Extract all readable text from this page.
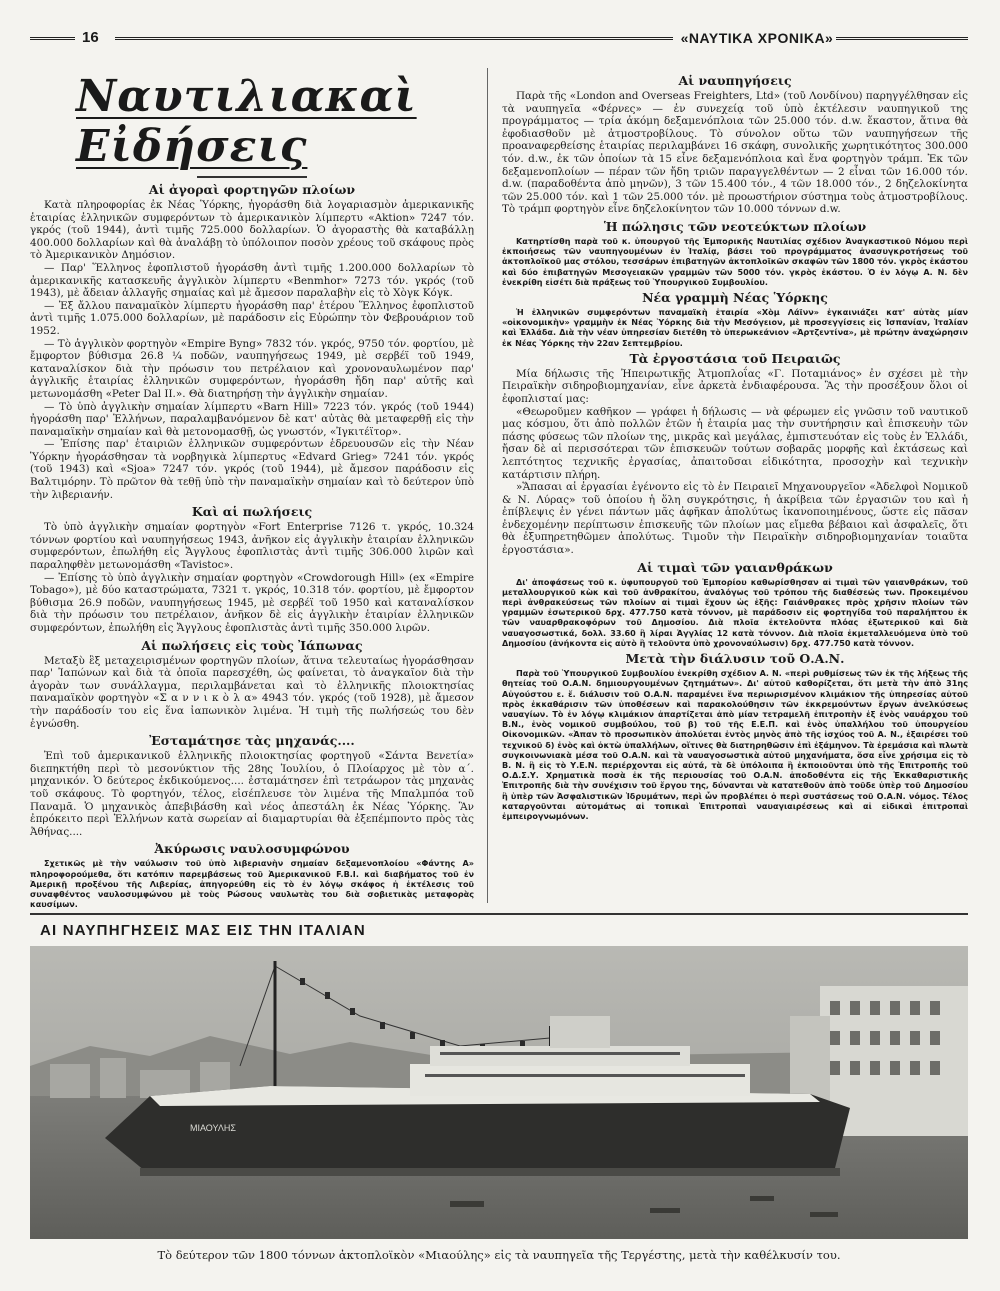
16	«ΝΑΥΤΙΚΑ ΧΡΟΝΙΚΑ»
Ναυτιλιακαὶ Εἰδήσεις
Αἱ ἀγοραὶ φορτηγῶν πλοίων

Κατὰ πληροφορίας ἐκ Νέας Ὑόρκης, ἠγοράσθη διὰ λογαριασμὸν ἀμερικανικῆς ἑταιρίας ἑλληνικῶν συμφερόντων τὸ ἀμερικανικὸν λίμπερτυ «Aktion» 7247 τόν. γκρός (τοῦ 1944), ἀντὶ τιμῆς 725.000 δολλαρίων. Ὁ ἀγοραστὴς θὰ καταβάλλῃ 400.000 δολλαρίων καὶ θὰ ἀναλάβῃ τὸ ὑπόλοιπον ποσὸν χρέους τοῦ σκάφους πρὸς τὸ Ἀμερικανικὸν Δημόσιον.

— Παρ' Ἕλληνος ἐφοπλιστοῦ ἠγοράσθη ἀντὶ τιμῆς 1.200.000 δολλαρίων τὸ ἀμερικανικῆς κατασκευῆς ἀγγλικὸν λίμπερτυ «Benmhor» 7273 τόν. γκρός (τοῦ 1943), μὲ ἄδειαν ἀλλαγῆς σημαίας καὶ μὲ ἄμεσον παραλαβὴν εἰς τὸ Χὸγκ Κόγκ.

— Ἐξ ἄλλου παναμαϊκὸν λίμπερτυ ἠγοράσθη παρ' ἑτέρου Ἕλληνος ἐφοπλιστοῦ ἀντὶ τιμῆς 1.075.000 δολλαρίων, μὲ παράδοσιν εἰς Εὐρώπην τὸν Φεβρουάριον τοῦ 1952.

— Τὸ ἀγγλικὸν φορτηγὸν «Empire Byng» 7832 τόν. γκρός, 9750 τόν. φορτίου, μὲ ἔμφορτον βύθισμα 26.8 ¼ ποδῶν, ναυπηγήσεως 1949, μὲ σερβέϊ τοῦ 1949, καταναλίσκον διὰ τὴν πρόωσιν του πετρέλαιον καὶ χρονοναυλωμένον παρ' ἀγγλικῆς ἑταιρίας ἑλληνικῶν συμφερόντων, ἠγοράσθη ἤδη παρ' αὐτῆς καὶ μετωνομάσθη «Peter Dal II.». Θὰ διατηρήσῃ τὴν ἀγγλικὴν σημαίαν.

— Τὸ ὑπὸ ἀγγλικὴν σημαίαν λίμπερτυ «Barn Hill» 7223 τόν. γκρός (τοῦ 1944) ἠγοράσθη παρ' Ἑλλήνων, παραλαμβανόμενον δὲ κατ' αὐτὰς θὰ μεταφερθῇ εἰς τὴν παναμαϊκὴν σημαίαν καὶ θὰ μετονομασθῇ, ὡς γνωστόν, «Ἰγκιτέϊτορ».

— Ἐπίσης παρ' ἑταιριῶν ἑλληνικῶν συμφερόντων ἑδρευουσῶν εἰς τὴν Νέαν Ὑόρκην ἠγοράσθησαν τὰ νορβηγικὰ λίμπερτυς «Edvard Grieg» 7241 τόν. γκρός (τοῦ 1943) καὶ «Sjoa» 7247 τόν. γκρός (τοῦ 1944), μὲ ἄμεσον παράδοσιν εἰς Βαλτιμόρην. Τὸ πρῶτον θὰ τεθῇ ὑπὸ τὴν παναμαϊκὴν σημαίαν καὶ τὸ δεύτερον ὑπὸ τὴν λιβεριανήν.

Καὶ αἱ πωλήσεις

Τὸ ὑπὸ ἀγγλικὴν σημαίαν φορτηγὸν «Fort Enterprise 7126 τ. γκρός, 10.324 τόννων φορτίου καὶ ναυπηγήσεως 1943, ἀνῆκον εἰς ἀγγλικὴν ἑταιρίαν ἑλληνικῶν συμφερόντων, ἐπωλήθη εἰς Ἄγγλους ἐφοπλιστὰς ἀντὶ τιμῆς 306.000 λιρῶν καὶ παραληφθὲν μετωνομάσθη «Tavistoc».

— Ἐπίσης τὸ ὑπὸ ἀγγλικὴν σημαίαν φορτηγὸν «Crowdorough Hill» (ex «Empire Tobago»), μὲ δύο καταστρώματα, 7321 τ. γκρός, 10.318 τόν. φορτίου, μὲ ἔμφορτον βύθισμα 26.9 ποδῶν, ναυπηγήσεως 1945, μὲ σερβέϊ τοῦ 1950 καὶ καταναλίσκον διὰ τὴν πρόωσιν του πετρέλαιον, ἀνῆκον δὲ εἰς ἀγγλικὴν ἑταιρίαν ἑλληνικῶν συμφερόντων, ἐπωλήθη εἰς Ἄγγλους ἐφοπλιστὰς ἀντὶ τιμῆς 350.000 λιρῶν.

Αἱ πωλήσεις εἰς τοὺς Ἰάπωνας

Μεταξὺ ἓξ μεταχειρισμένων φορτηγῶν πλοίων, ἅτινα τελευταίως ἠγοράσθησαν παρ' Ἰαπώνων καὶ διὰ τὰ ὁποῖα παρεσχέθη, ὡς φαίνεται, τὸ ἀναγκαῖον διὰ τὴν ἀγορὰν των συνάλλαγμα, περιλαμβάνεται καὶ τὸ ἑλληνικῆς πλοιοκτησίας παναμαϊκὸν φορτηγὸν «Σ α ν ν ι κ ὸ λ α» 4943 τόν. γκρός (τοῦ 1928), μὲ ἄμεσον τὴν παράδοσίν του εἰς ἕνα ἰαπωνικὸν λιμένα. Ἡ τιμὴ τῆς πωλήσεώς του δὲν ἐγνώσθη.

Ἐσταμάτησε τὰς μηχανάς....

Ἐπὶ τοῦ ἀμερικανικοῦ ἑλληνικῆς πλοιοκτησίας φορτηγοῦ «Σάντα Βενετία» διεπηκτήθη περὶ τὸ μεσονύκτιον τῆς 28ης Ἰουλίου, ὁ Πλοίαρχος μὲ τὸν α΄. μηχανικόν. Ὁ δεύτερος ἐκδικούμενος.... ἐσταμάτησεν ἐπὶ τετράωρον τὰς μηχανὰς τοῦ σκάφους. Τὸ φορτηγόν, τέλος, εἰσέπλευσε τὸν λιμένα τῆς Μπαλμπόα τοῦ Παναμᾶ. Ὁ μηχανικὸς ἀπεβιβάσθη καὶ νέος ἀπεστάλη ἐκ Νέας Ὑόρκης. Ἂν ἐπρόκειτο περὶ Ἑλλήνων κατὰ σωρείαν αἱ διαμαρτυρίαι θὰ ἐξεπέμποντο πρὸς τὰς Ἀθήνας....

Ἀκύρωσις ναυλοσυμφώνου

Σχετικῶς μὲ τὴν ναύλωσιν τοῦ ὑπὸ λιβεριανὴν σημαίαν δεξαμενοπλοίου «Φάντης Α» πληροφορούμεθα, ὅτι κατόπιν παρεμβάσεως τοῦ Ἀμερικανικοῦ F.B.I. καὶ διαβήματος τοῦ ἐν Ἀμερικῇ προξένου τῆς Λιβερίας, ἀπηγορεύθη εἰς τὸ ἐν λόγῳ σκάφος ἡ ἐκτέλεσις τοῦ συναφθέντος ναυλοσυμφώνου μὲ τοὺς Ρώσους ναυλωτὰς του διὰ σοβιετικὰς μεταφορὰς καυσίμων.

Αἱ ναυπηγήσεις

Παρὰ τῆς «London and Overseas Freighters, Ltd» (τοῦ Λονδίνου) παρηγγέλθησαν εἰς τὰ ναυπηγεῖα «Φέρνες» — ἐν συνεχείᾳ τοῦ ὑπὸ ἐκτέλεσιν ναυπηγικοῦ της προγράμματος — τρία ἀκόμη δεξαμενόπλοια τῶν 25.000 τόν. d.w. ἕκαστον, ἅτινα θὰ ἐφοδιασθοῦν μὲ ἀτμοστροβίλους. Τὸ σύνολον οὕτω τῶν ναυπηγήσεων τῆς προαναφερθείσης ἑταιρίας περιλαμβάνει 16 σκάφη, συνολικῆς χωρητικότητος 300.000 τόν. d.w., ἐκ τῶν ὁποίων τὰ 15 εἶνε δεξαμενόπλοια καὶ ἕνα φορτηγὸν τράμπ. Ἐκ τῶν δεξαμενοπλοίων — πέραν τῶν ἤδη τριῶν παραγγελθέντων — 2 εἶναι τῶν 16.000 τόν. d.w. (παραδοθέντα ἀπὸ μηνῶν), 3 τῶν 15.400 τόν., 4 τῶν 18.000 τόν., 2 δηζελοκίνητα τῶν 25.000 τόν. καὶ 1 τῶν 25.000 τόν. μὲ προωστήριον σύστημα τοὺς ἀτμοστροβίλους. Τὸ τράμπ φορτηγὸν εἶνε δηζελοκίνητον τῶν 10.000 τόννων d.w.

Ἡ πώλησις τῶν νεοτεύκτων πλοίων

Κατηρτίσθη παρὰ τοῦ κ. ὑπουργοῦ τῆς Ἐμπορικῆς Ναυτιλίας σχέδιον Ἀναγκαστικοῦ Νόμου περὶ ἐκποιήσεως τῶν ναυπηγουμένων ἐν Ἰταλίᾳ, βάσει τοῦ προγράμματος ἀνασυγκροτήσεως τοῦ ἀκτοπλοϊκοῦ μας στόλου, τεσσάρων ἐπιβατηγῶν ἀκτοπλοϊκῶν σκαφῶν τῶν 1800 τόν. γκρὸς ἑκάστου καὶ δύο ἐπιβατηγῶν Μεσογειακῶν γραμμῶν τῶν 5000 τόν. γκρὸς ἑκάστου. Ὁ ἐν λόγῳ Α. Ν. δὲν ἐνεκρίθη εἰσέτι διὰ πράξεως τοῦ Ὑπουργικοῦ Συμβουλίου.

Νέα γραμμὴ Νέας Ὑόρκης

Ἡ ἑλληνικῶν συμφερόντων παναμαϊκὴ ἑταιρία «Χὸμ Λάϊνν» ἐγκαινιάζει κατ' αὐτὰς μίαν «οἰκονομικὴν» γραμμὴν ἐκ Νέας Ὑόρκης διὰ τὴν Μεσόγειον, μὲ προσεγγίσεις εἰς Ἱσπανίαν, Ἰταλίαν καὶ Ἑλλάδα. Διὰ τὴν νέαν ὑπηρεσίαν διετέθη τὸ ὑπερωκεάνιον «Ἀρτζεντίνα», μὲ πρώτην ἀναχώρησιν ἐκ Νέας Ὑόρκης τὴν 22αν Σεπτεμβρίου.

Τὰ ἐργοστάσια τοῦ Πειραιῶς

Μία δήλωσις τῆς Ἠπειρωτικῆς Ἀτμοπλοΐας «Γ. Ποταμιάνος» ἐν σχέσει μὲ τὴν Πειραϊκὴν σιδηροβιομηχανίαν, εἶνε ἀρκετὰ ἐνδιαφέρουσα. Ἂς τὴν προσέξουν ὅλοι οἱ ἐφοπλισταί μας:

«Θεωροῦμεν καθῆκον — γράφει ἡ δήλωσις — νὰ φέρωμεν εἰς γνῶσιν τοῦ ναυτικοῦ μας κόσμου, ὅτι ἀπὸ πολλῶν ἐτῶν ἡ ἑταιρία μας τὴν συντήρησιν καὶ ἐπισκευὴν τῶν πάσης φύσεως τῶν πλοίων της, μικρᾶς καὶ μεγάλας, ἐμπιστευόταν εἰς τοὺς ἐν Ἑλλάδι, ἤσαν δὲ αἱ περισσότεραι τῶν ἐπισκευῶν τούτων σοβαρᾶς μορφῆς καὶ ἐκτάσεως καὶ λεπτότητος τεχνικῆς ἐργασίας, ἀπαιτοῦσαι εἰδικότητα, προσοχὴν καὶ τεχνικὴν κατάρτισιν πλήρη.

»Ἅπασαι αἱ ἐργασίαι ἐγένοντο εἰς τὸ ἐν Πειραιεῖ Μηχανουργεῖον «Ἀδελφοὶ Νομικοῦ & Ν. Λύρας» τοῦ ὁποίου ἡ ὅλη συγκρότησις, ἡ ἀκρίβεια τῶν ἐργασιῶν του καὶ ἡ ἐπίβλεψις ἐν γένει πάντων μᾶς ἀφῆκαν ἀπολύτως ἱκανοποιημένους, ὥστε εἰς πᾶσαν ἐνδεχομένην περίπτωσιν ἐπισκευῆς τῶν πλοίων μας εἴμεθα βέβαιοι καὶ ἀσφαλεῖς, ὅτι θὰ ἐξυπηρετηθῶμεν ἀπολύτως. Τιμοῦν τὴν Πειραϊκὴν σιδηροβιομηχανίαν τοιαῦτα ἐργοστάσια».

Αἱ τιμαὶ τῶν γαιανθράκων

Δι' ἀποφάσεως τοῦ κ. ὑφυπουργοῦ τοῦ Ἐμπορίου καθωρίσθησαν αἱ τιμαὶ τῶν γαιανθράκων, τοῦ μεταλλουργικοῦ κὼκ καὶ τοῦ ἀνθρακίτου, ἀναλόγως τοῦ τρόπου τῆς διαθέσεώς των. Προκειμένου περὶ ἀνθρακεύσεως τῶν πλοίων αἱ τιμαὶ ἔχουν ὡς ἑξῆς: Γαιάνθρακες πρὸς χρῆσιν πλοίων τῶν γραμμῶν ἐσωτερικοῦ δρχ. 477.750 κατὰ τόννον, μὲ παράδοσιν εἰς φορτηγίδα τοῦ παραλήπτου ἐκ τῶν ναυαρθρακοφόρων τοῦ Δημοσίου. Διὰ πλοῖα ἐκτελοῦντα πλόας ἐξωτερικοῦ καὶ διὰ ναυαγοσωστικά, δολλ. 33.60 ἢ λίραι Ἀγγλίας 12 κατὰ τόννον. Διὰ πλοῖα ἐκμεταλλευόμενα ὑπὸ τοῦ Δημοσίου (ἀνήκοντα εἰς αὐτὸ ἢ τελοῦντα ὑπὸ χρονοναύλωσιν) δρχ. 477.750 κατὰ τόννον.

Μετὰ τὴν διάλυσιν τοῦ Ο.Α.Ν.

Παρὰ τοῦ Ὑπουργικοῦ Συμβουλίου ἐνεκρίθη σχέδιον Α. Ν. «περὶ ρυθμίσεως τῶν ἐκ τῆς λήξεως τῆς θητείας τοῦ Ο.Α.Ν. δημιουργουμένων ζητημάτων». Δι' αὐτοῦ καθορίζεται, ὅτι μετὰ τὴν ἀπὸ 31ης Αὐγούστου ε. ἔ. διάλυσιν τοῦ Ο.Α.Ν. παραμένει ἕνα περιωρισμένον κλιμάκιον τῆς ὑπηρεσίας αὐτοῦ πρὸς ἐκκαθάρισιν τῶν ὑποθέσεων καὶ παρακολούθησιν τῶν ἐκκρεμούντων ἔργων ἀνελκύσεως ναυαγίων. Τὸ ἐν λόγῳ κλιμάκιον ἀπαρτίζεται ἀπὸ μίαν τετραμελῆ ἐπιτροπὴν ἐξ ἑνὸς ναυάρχου τοῦ Β.Ν., ἑνὸς νομικοῦ συμβούλου, τοῦ β) τοῦ τῆς Ε.Ε.Π. καὶ ἑνὸς ὑπαλλήλου τοῦ ὑπουργείου Οἰκονομικῶν. «Ἀπαν τὸ προσωπικὸν ἀπολύεται ἐντὸς μηνὸς ἀπὸ τῆς ἰσχύος τοῦ Α. Ν., ἐξαιρέσει τοῦ τεχνικοῦ δ) ἐνὸς καὶ ὀκτὼ ὑπαλλήλων, οἵτινες θὰ διατηρηθῶσιν ἐπὶ ἑξάμηνον. Τὰ ἐρεμάσια καὶ πλωτὰ συγκοινωνιακὰ μέσα τοῦ Ο.Α.Ν. καὶ τὰ ναυαγοσωστικὰ αὐτοῦ μηχανήματα, ὅσα εἶνε χρήσιμα εἰς τὸ Β. Ν. ἢ εἰς τὸ Υ.Ε.Ν. περιέρχονται εἰς αὐτά, τὰ δὲ ὑπόλοιπα ἢ ἐκποιοῦνται ὑπὸ τῆς Ἐπιτροπῆς τοῦ Ο.Δ.Σ.Υ. Χρηματικὰ ποσὰ ἐκ τῆς περιουσίας τοῦ Ο.Α.Ν. ἀποδοθέντα εἰς τῆς Ἐκκαθαριστικῆς Ἐπιτροπῆς διὰ τὴν συνέχισιν τοῦ ἔργου της, δύνανται νὰ κατατεθοῦν ἀπὸ τοῦδε ὑπὲρ τοῦ Δημοσίου ἢ ὑπὲρ τῶν Ἀσφαλιστικῶν Ἱδρυμάτων, περὶ ὧν προβλέπει ὁ περὶ συστάσεως τοῦ Ο.Α.Ν. νόμος. Τέλος καταργοῦνται αὐτομάτως αἱ τοπικαὶ Ἐπιτροπαὶ ναυαγιαιρέσεως καὶ αἱ εἰδικαὶ ἐπιτροπαὶ ἐμπειρογνωμόνων.

ΑΙ ΝΑΥΠΗΓΗΣΕΙΣ ΜΑΣ ΕΙΣ ΤΗΝ ΙΤΑΛΙΑΝ
ΜΙΑΟΥΛΗΣ
Τὸ δεύτερον τῶν 1800 τόννων ἀκτοπλοϊκὸν «Μιαούλης» εἰς τὰ ναυπηγεῖα τῆς Τεργέστης, μετὰ τὴν καθέλκυσίν του.
